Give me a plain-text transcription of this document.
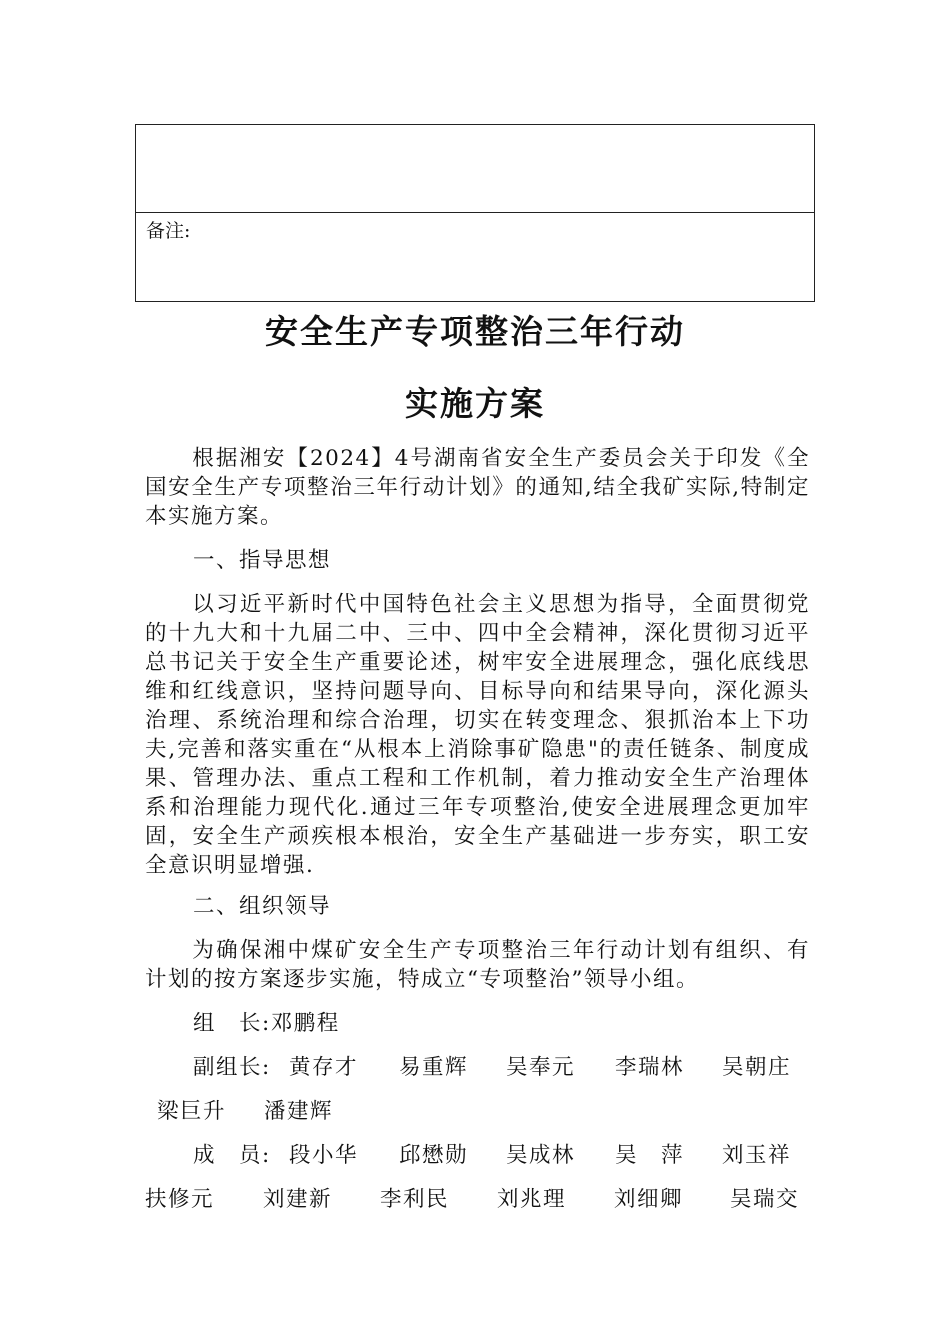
备注:
安全生产专项整治三年行动
实施方案

根据湘安【2024】4号湖南省安全生产委员会关于印发《全国安全生产专项整治三年行动计划》的通知,结全我矿实际,特制定本实施方案。

一、指导思想

以习近平新时代中国特色社会主义思想为指导，全面贯彻党的十九大和十九届二中、三中、四中全会精神，深化贯彻习近平总书记关于安全生产重要论述，树牢安全进展理念，强化底线思维和红线意识，坚持问题导向、目标导向和结果导向，深化源头治理、系统治理和综合治理，切实在转变理念、狠抓治本上下功夫,完善和落实重在“从根本上消除事矿隐患"的责任链条、制度成果、管理办法、重点工程和工作机制，着力推动安全生产治理体系和治理能力现代化.通过三年专项整治,使安全进展理念更加牢固，安全生产顽疾根本根治，安全生产基础进一步夯实，职工安全意识明显增强.

二、组织领导

为确保湘中煤矿安全生产专项整治三年行动计划有组织、有计划的按方案逐步实施，特成立“专项整治”领导小组。

组　长:邓鹏程

副组长: 黄存才 易重辉 吴奉元 李瑞林 吴朝庄

梁巨升 潘建辉

成　员: 段小华 邱懋勋 吴成林 吴　萍 刘玉祥

扶修元 刘建新 李利民 刘兆理 刘细卿 吴瑞交
